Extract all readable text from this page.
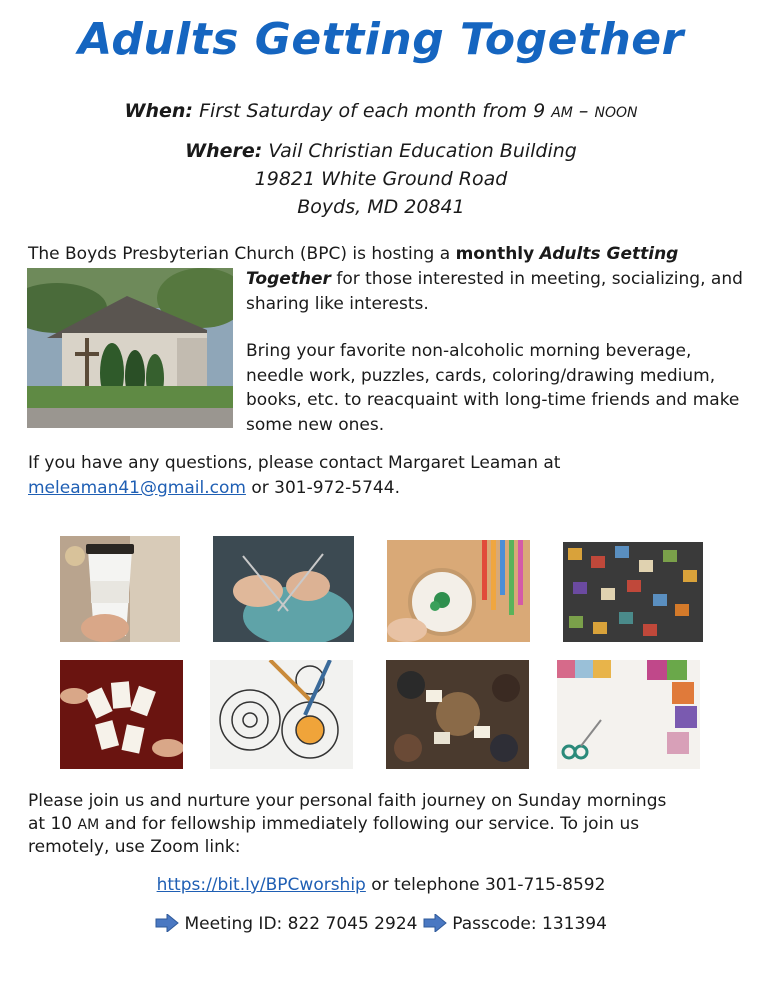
Adults Getting Together
When: First Saturday of each month from 9 AM – NOON
Where: Vail Christian Education Building
19821 White Ground Road
Boyds, MD 20841
The Boyds Presbyterian Church (BPC) is hosting a monthly Adults Getting
Together for those interested in meeting, socializing, and sharing like interests.
Bring your favorite non-alcoholic morning beverage, needle work, puzzles, cards, coloring/drawing medium, books, etc. to reacquaint with long-time friends and make some new ones.
If you have any questions, please contact Margaret Leaman at
meleaman41@gmail.com or 301-972-5744.
Please join us and nurture your personal faith journey on Sunday mornings
at 10 AM and for fellowship immediately following our service. To join us
remotely, use Zoom link:
https://bit.ly/BPCworship or telephone 301-715-8592
Meeting ID: 822 7045 2924 Passcode: 131394
